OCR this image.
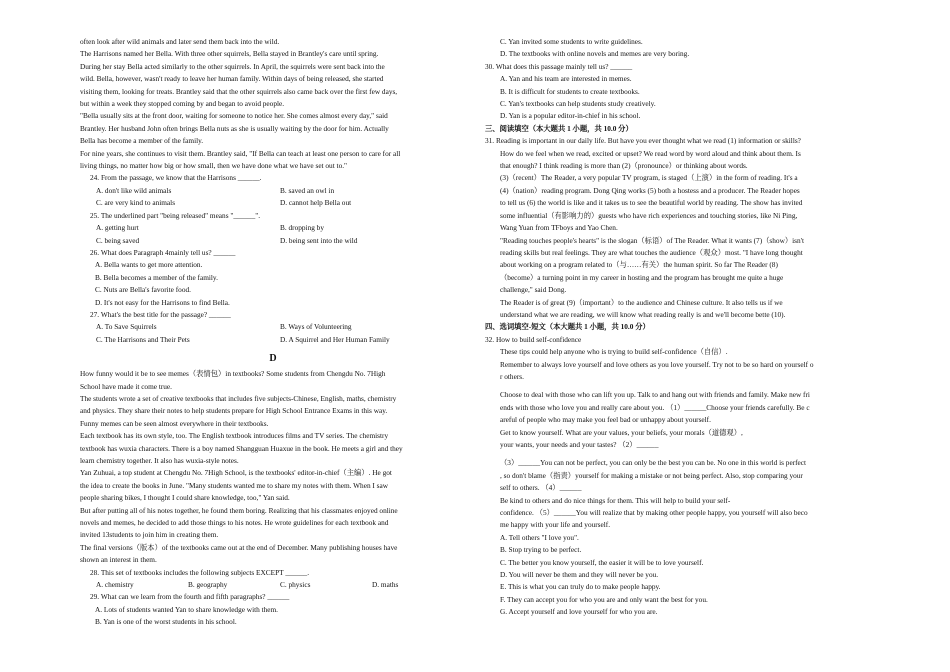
often look after wild animals and later send them back into the wild.

The Harrisons named her Bella. With three other squirrels, Bella stayed in Brantley's care until spring.

During her stay Bella acted similarly to the other squirrels. In April, the squirrels were sent back into the

wild. Bella, however, wasn't ready to leave her human family. Within days of being released, she started

visiting them, looking for treats. Brantley said that the other squirrels also came back over the first few days,

but within a week they stopped coming by and began to avoid people.

"Bella usually sits at the front door, waiting for someone to notice her. She comes almost every day," said

Brantley. Her husband John often brings Bella nuts as she is usually waiting by the door for him. Actually

Bella has become a member of the family.

For nine years, she continues to visit them. Brantley said, "If Bella can teach at least one person to care for all

living things, no matter how big or how small, then we have done what we have set out to."

24. From the passage, we know that the Harrisons ______.

A. don't like wild animals	B. saved an owl in
C. are very kind to animals	D. cannot help Bella out

25. The underlined part "being released" means "______".

A. getting hurt	B. dropping by
C. being saved	D. being sent into the wild

26. What does Paragraph 4mainly tell us? ______

A. Bella wants to get more attention.

B. Bella becomes a member of the family.

C. Nuts are Bella's favorite food.

D. It's not easy for the Harrisons to find Bella.

27. What's the best title for the passage? ______

A. To Save Squirrels	B. Ways of Volunteering
C. The Harrisons and Their Pets	D. A Squirrel and Her Human Family

D

How funny would it be to see memes（表情包）in textbooks? Some students from Chengdu No. 7High

School have made it come true.

The students wrote a set of creative textbooks that includes five subjects-Chinese, English, maths, chemistry

and physics. They share their notes to help students prepare for High School Entrance Exams in this way.

Funny memes can be seen almost everywhere in their textbooks.

Each textbook has its own style, too. The English textbook introduces films and TV series. The chemistry

textbook has wuxia characters. There is a boy named Shangguan Huaxue in the book. He meets a girl and they

learn chemistry together. It also has wuxia-style notes.

Yan Zuhuai, a top student at Chengdu No. 7High School, is the textbooks' editor-in-chief（主编）. He got

the idea to create the books in June. "Many students wanted me to share my notes with them. When I saw

people sharing bikes, I thought I could share knowledge, too," Yan said.

But after putting all of his notes together, he found them boring. Realizing that his classmates enjoyed online

novels and memes, he decided to add those things to his notes. He wrote guidelines for each textbook and

invited 13students to join him in creating them.

The final versions（版本）of the textbooks came out at the end of December. Many publishing houses have

shown an interest in them.

28. This set of textbooks includes the following subjects EXCEPT ______.

A. chemistry	B. geography	C. physics	D. maths

29. What can we learn from the fourth and fifth paragraphs? ______

A. Lots of students wanted Yan to share knowledge with them.

B. Yan is one of the worst students in his school.

C. Yan invited some students to write guidelines.

D. The textbooks with online novels and memes are very boring.

30. What does this passage mainly tell us? ______

A. Yan and his team are interested in memes.

B. It is difficult for students to create textbooks.

C. Yan's textbooks can help students study creatively.

D. Yan is a popular editor-in-chief in his school.

三、阅读填空（本大题共 1 小题，共 10.0 分）

31. Reading is important in our daily life. But have you ever thought what we read (1) information or skills?

How do we feel when we read, excited or upset? We read word by word aloud and think about them. Is

that enough? I think reading is more than (2)（pronounce）or thinking about words.

(3)（recent）The Reader, a very popular TV program, is staged（上演）in the form of reading. It's a

(4)（nation）reading program. Dong Qing works (5) both a hostess and a producer. The Reader hopes

to tell us (6) the world is like and it takes us to see the beautiful world by reading. The show has invited

some influential（有影响力的）guests who have rich experiences and touching stories, like Ni Ping,

Wang Yuan from TFboys and Yao Chen.

"Reading touches people's hearts" is the slogan（标语）of The Reader. What it wants (7)（show）isn't

reading skills but real feelings. They are what touches the audience（观众）most. "I have long thought

about working on a program related to（与……有关）the human spirit. So far The Reader (8)

（become）a turning point in my career in hosting and the program has brought me quite a huge

challenge," said Dong.

The Reader is of great (9)（important）to the audience and Chinese culture. It also tells us if we

understand what we are reading, we will know what reading really is and we'll become bette (10).

四、选词填空-短文（本大题共 1 小题，共 10.0 分）

32. How to build self-confidence

These tips could help anyone who is trying to build self-confidence（自信）.

Remember to always love yourself and love others as you love yourself. Try not to be so hard on yourself o

r others.

Choose to deal with those who can lift you up. Talk to and hang out with friends and family. Make new fri

ends with those who love you and really care about you. （1）______Choose your friends carefully. Be c

areful of people who may make you feel bad or unhappy about yourself.

Get to know yourself. What are your values, your beliefs, your morals（道德观）,

your wants, your needs and your tastes? （2）______

（3）______You can not be perfect, you can only be the best you can be. No one in this world is perfect

, so don't blame（指责）yourself for making a mistake or not being perfect. Also, stop comparing your

self to others. （4）______

Be kind to others and do nice things for them. This will help to build your self-

confidence. （5）______You will realize that by making other people happy, you yourself will also beco

me happy with your life and yourself.

A. Tell others "I love you".

B. Stop trying to be perfect.

C. The better you know yourself, the easier it will be to love yourself.

D. You will never be them and they will never be you.

E. This is what you can truly do to make people happy.

F. They can accept you for who you are and only want the best for you.

G. Accept yourself and love yourself for who you are.
